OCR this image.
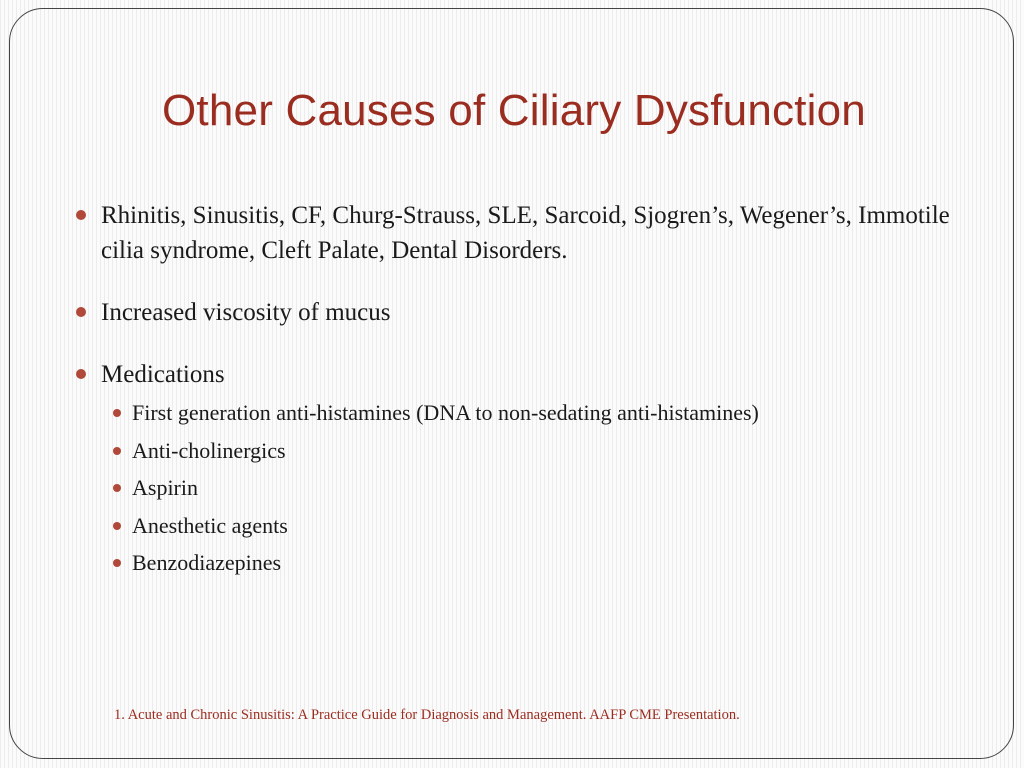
Other Causes of Ciliary Dysfunction
Rhinitis, Sinusitis, CF, Churg-Strauss, SLE, Sarcoid, Sjogren’s, Wegener’s, Immotile cilia syndrome, Cleft Palate, Dental Disorders.
Increased viscosity of mucus
Medications
First generation anti-histamines (DNA to non-sedating anti-histamines)
Anti-cholinergics
Aspirin
Anesthetic agents
Benzodiazepines

1. Acute and Chronic Sinusitis: A Practice Guide for Diagnosis and Management. AAFP CME Presentation.
